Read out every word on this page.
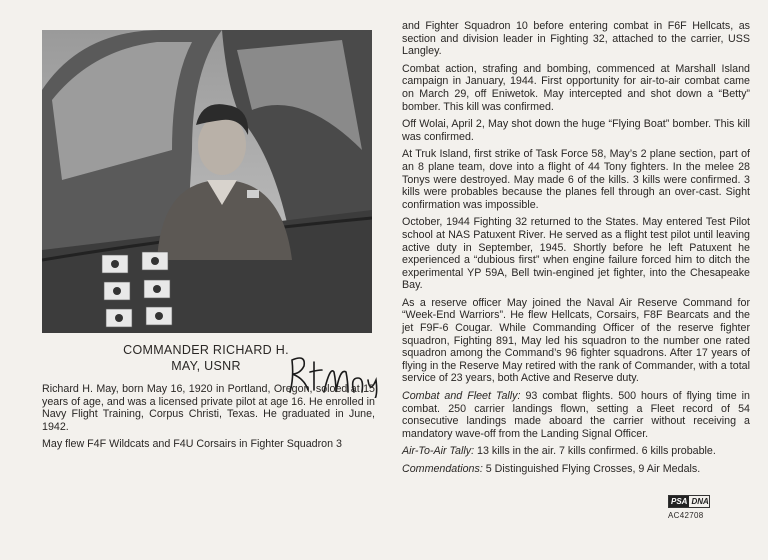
COMMANDER RICHARD H.
MAY, USNR

Richard H. May, born May 16, 1920 in Portland, Oregon, soloed at 15 years of age, and was a licensed private pilot at age 16. He enrolled in Navy Flight Training, Corpus Christi, Texas. He graduated in June, 1942.

May flew F4F Wildcats and F4U Corsairs in Fighter Squadron 3

and Fighter Squadron 10 before entering combat in F6F Hellcats, as section and division leader in Fighting 32, attached to the carrier, USS Langley.

Combat action, strafing and bombing, commenced at Marshall Island campaign in January, 1944. First opportunity for air-to-air combat came on March 29, off Eniwetok. May intercepted and shot down a “Betty” bomber. This kill was confirmed.

Off Wolai, April 2, May shot down the huge “Flying Boat” bomber. This kill was confirmed.

At Truk Island, first strike of Task Force 58, May’s 2 plane section, part of an 8 plane team, dove into a flight of 44 Tony fighters. In the melee 28 Tonys were destroyed. May made 6 of the kills. 3 kills were confirmed. 3 kills were probables because the planes fell through an over-cast. Sight confirmation was impossible.

October, 1944 Fighting 32 returned to the States. May entered Test Pilot school at NAS Patuxent River. He served as a flight test pilot until leaving active duty in September, 1945. Shortly before he left Patuxent he experienced a “dubious first” when engine failure forced him to ditch the experimental YP 59A, Bell twin-engined jet fighter, into the Chesapeake Bay.

As a reserve officer May joined the Naval Air Reserve Command for “Week-End Warriors”. He flew Hellcats, Corsairs, F8F Bearcats and the jet F9F-6 Cougar. While Commanding Officer of the reserve fighter squadron, Fighting 891, May led his squadron to the number one rated squadron among the Command’s 96 fighter squadrons. After 17 years of flying in the Reserve May retired with the rank of Commander, with a total service of 23 years, both Active and Reserve duty.

Combat and Fleet Tally: 93 combat flights. 500 hours of flying time in combat. 250 carrier landings flown, setting a Fleet record of 54 consecutive landings made aboard the carrier without receiving a mandatory wave-off from the Landing Signal Officer.

Air-To-Air Tally: 13 kills in the air. 7 kills confirmed. 6 kills probable.

Commendations: 5 Distinguished Flying Crosses, 9 Air Medals.

PSA DNA
AC42708
